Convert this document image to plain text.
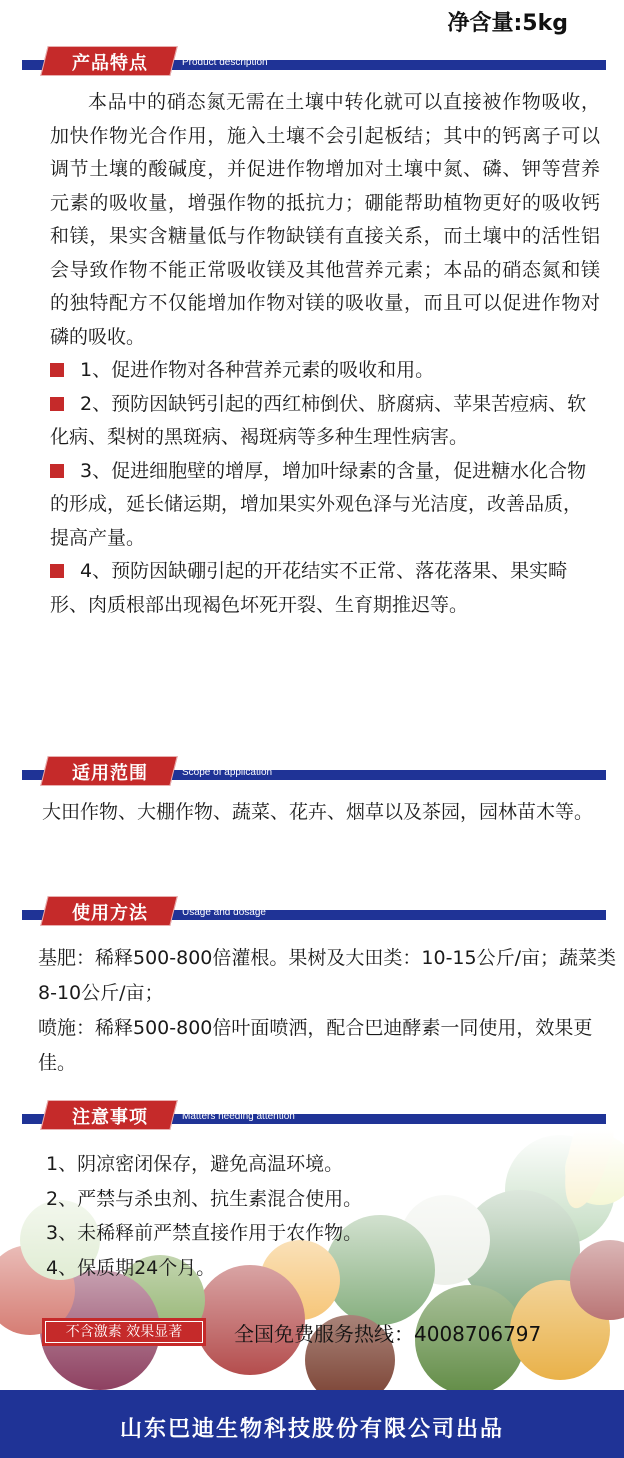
净含量:5kg
产品特点	Product description

本品中的硝态氮无需在土壤中转化就可以直接被作物吸收，加快作物光合作用，施入土壤不会引起板结；其中的钙离子可以调节土壤的酸碱度，并促进作物增加对土壤中氮、磷、钾等营养元素的吸收量，增强作物的抵抗力；硼能帮助植物更好的吸收钙和镁，果实含糖量低与作物缺镁有直接关系，而土壤中的活性铝会导致作物不能正常吸收镁及其他营养元素；本品的硝态氮和镁的独特配方不仅能增加作物对镁的吸收量，而且可以促进作物对磷的吸收。

1、促进作物对各种营养元素的吸收和用。

2、预防因缺钙引起的西红柿倒伏、脐腐病、苹果苦痘病、软化病、梨树的黑斑病、褐斑病等多种生理性病害。

3、促进细胞壁的增厚，增加叶绿素的含量，促进糖水化合物的形成，延长储运期，增加果实外观色泽与光洁度，改善品质，提高产量。

4、预防因缺硼引起的开花结实不正常、落花落果、果实畸形、肉质根部出现褐色坏死开裂、生育期推迟等。

适用范围	Scope of application
大田作物、大棚作物、蔬菜、花卉、烟草以及茶园，园林苗木等。
使用方法	Usage and dosage

基肥：稀释500-800倍灌根。果树及大田类：10-15公斤/亩；蔬菜类8-10公斤/亩；

喷施：稀释500-800倍叶面喷洒，配合巴迪酵素一同使用，效果更佳。

注意事项	Matters needing attention

1、阴凉密闭保存，避免高温环境。

2、严禁与杀虫剂、抗生素混合使用。

3、未稀释前严禁直接作用于农作物。

4、保质期24个月。

不含激素 效果显著	全国免费服务热线：4008706797
山东巴迪生物科技股份有限公司出品
